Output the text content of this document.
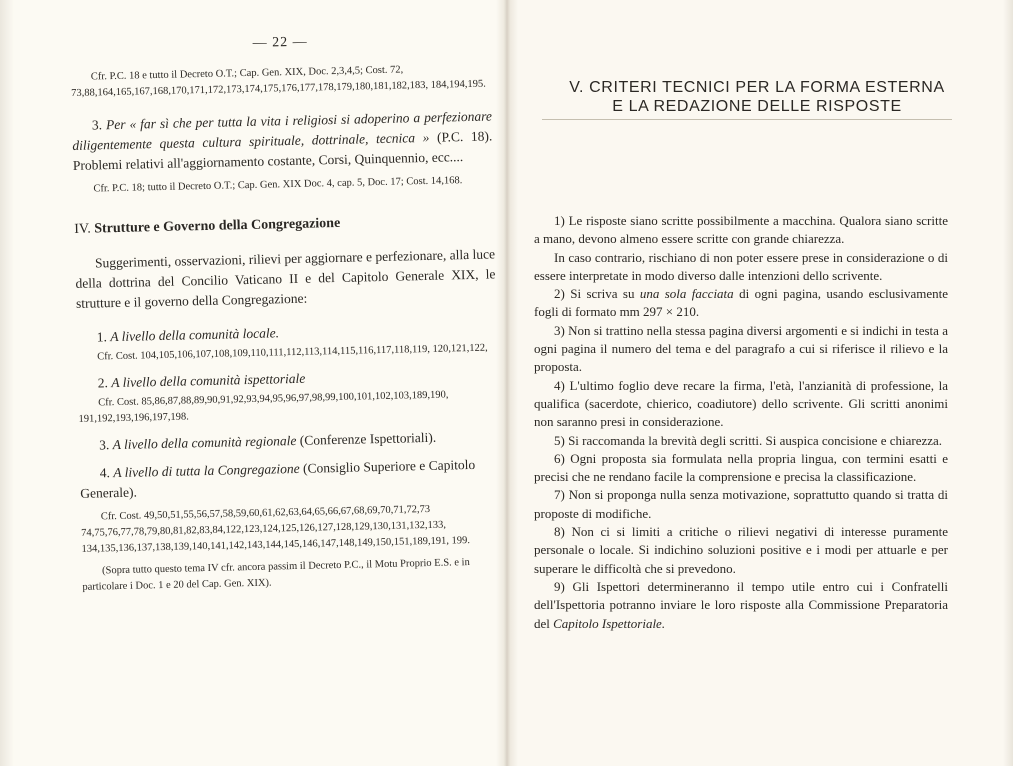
— 22 —

Cfr. P.C. 18 e tutto il Decreto O.T.; Cap. Gen. XIX, Doc. 2,3,4,5; Cost. 72, 73,88,164,165,167,168,170,171,172,173,174,175,176,177,178,179,180,181,182,183, 184,194,195.

3. Per « far sì che per tutta la vita i religiosi si adoperino a perfezionare diligentemente questa cultura spirituale, dottrinale, tecnica » (P.C. 18). Problemi relativi all'aggiornamento costante, Corsi, Quinquennio, ecc....

Cfr. P.C. 18; tutto il Decreto O.T.; Cap. Gen. XIX Doc. 4, cap. 5, Doc. 17; Cost. 14,168.

IV. Strutture e Governo della Congregazione

Suggerimenti, osservazioni, rilievi per aggiornare e perfezionare, alla luce della dottrina del Concilio Vaticano II e del Capitolo Generale XIX, le strutture e il governo della Congregazione:

1. A livello della comunità locale.

Cfr. Cost. 104,105,106,107,108,109,110,111,112,113,114,115,116,117,118,119, 120,121,122,

2. A livello della comunità ispettoriale

Cfr. Cost. 85,86,87,88,89,90,91,92,93,94,95,96,97,98,99,100,101,102,103,189,190, 191,192,193,196,197,198.

3. A livello della comunità regionale (Conferenze Ispettoriali).

4. A livello di tutta la Congregazione (Consiglio Superiore e Capitolo Generale).

Cfr. Cost. 49,50,51,55,56,57,58,59,60,61,62,63,64,65,66,67,68,69,70,71,72,73 74,75,76,77,78,79,80,81,82,83,84,122,123,124,125,126,127,128,129,130,131,132,133, 134,135,136,137,138,139,140,141,142,143,144,145,146,147,148,149,150,151,189,191, 199.

(Sopra tutto questo tema IV cfr. ancora passim il Decreto P.C., il Motu Proprio E.S. e in particolare i Doc. 1 e 20 del Cap. Gen. XIX).

V. CRITERI TECNICI PER LA FORMA ESTERNA
E LA REDAZIONE DELLE RISPOSTE

1) Le risposte siano scritte possibilmente a macchina. Qualora siano scritte a mano, devono almeno essere scritte con grande chiarezza.

In caso contrario, rischiano di non poter essere prese in considerazione o di essere interpretate in modo diverso dalle intenzioni dello scrivente.

2) Si scriva su una sola facciata di ogni pagina, usando esclusivamente fogli di formato mm 297 × 210.

3) Non si trattino nella stessa pagina diversi argomenti e si indichi in testa a ogni pagina il numero del tema e del paragrafo a cui si riferisce il rilievo e la proposta.

4) L'ultimo foglio deve recare la firma, l'età, l'anzianità di professione, la qualifica (sacerdote, chierico, coadiutore) dello scrivente. Gli scritti anonimi non saranno presi in considerazione.

5) Si raccomanda la brevità degli scritti. Si auspica concisione e chiarezza.

6) Ogni proposta sia formulata nella propria lingua, con termini esatti e precisi che ne rendano facile la comprensione e precisa la classificazione.

7) Non si proponga nulla senza motivazione, soprattutto quando si tratta di proposte di modifiche.

8) Non ci si limiti a critiche o rilievi negativi di interesse puramente personale o locale. Si indichino soluzioni positive e i modi per attuarle e per superare le difficoltà che si prevedono.

9) Gli Ispettori determineranno il tempo utile entro cui i Confratelli dell'Ispettoria potranno inviare le loro risposte alla Commissione Preparatoria del Capitolo Ispettoriale.
